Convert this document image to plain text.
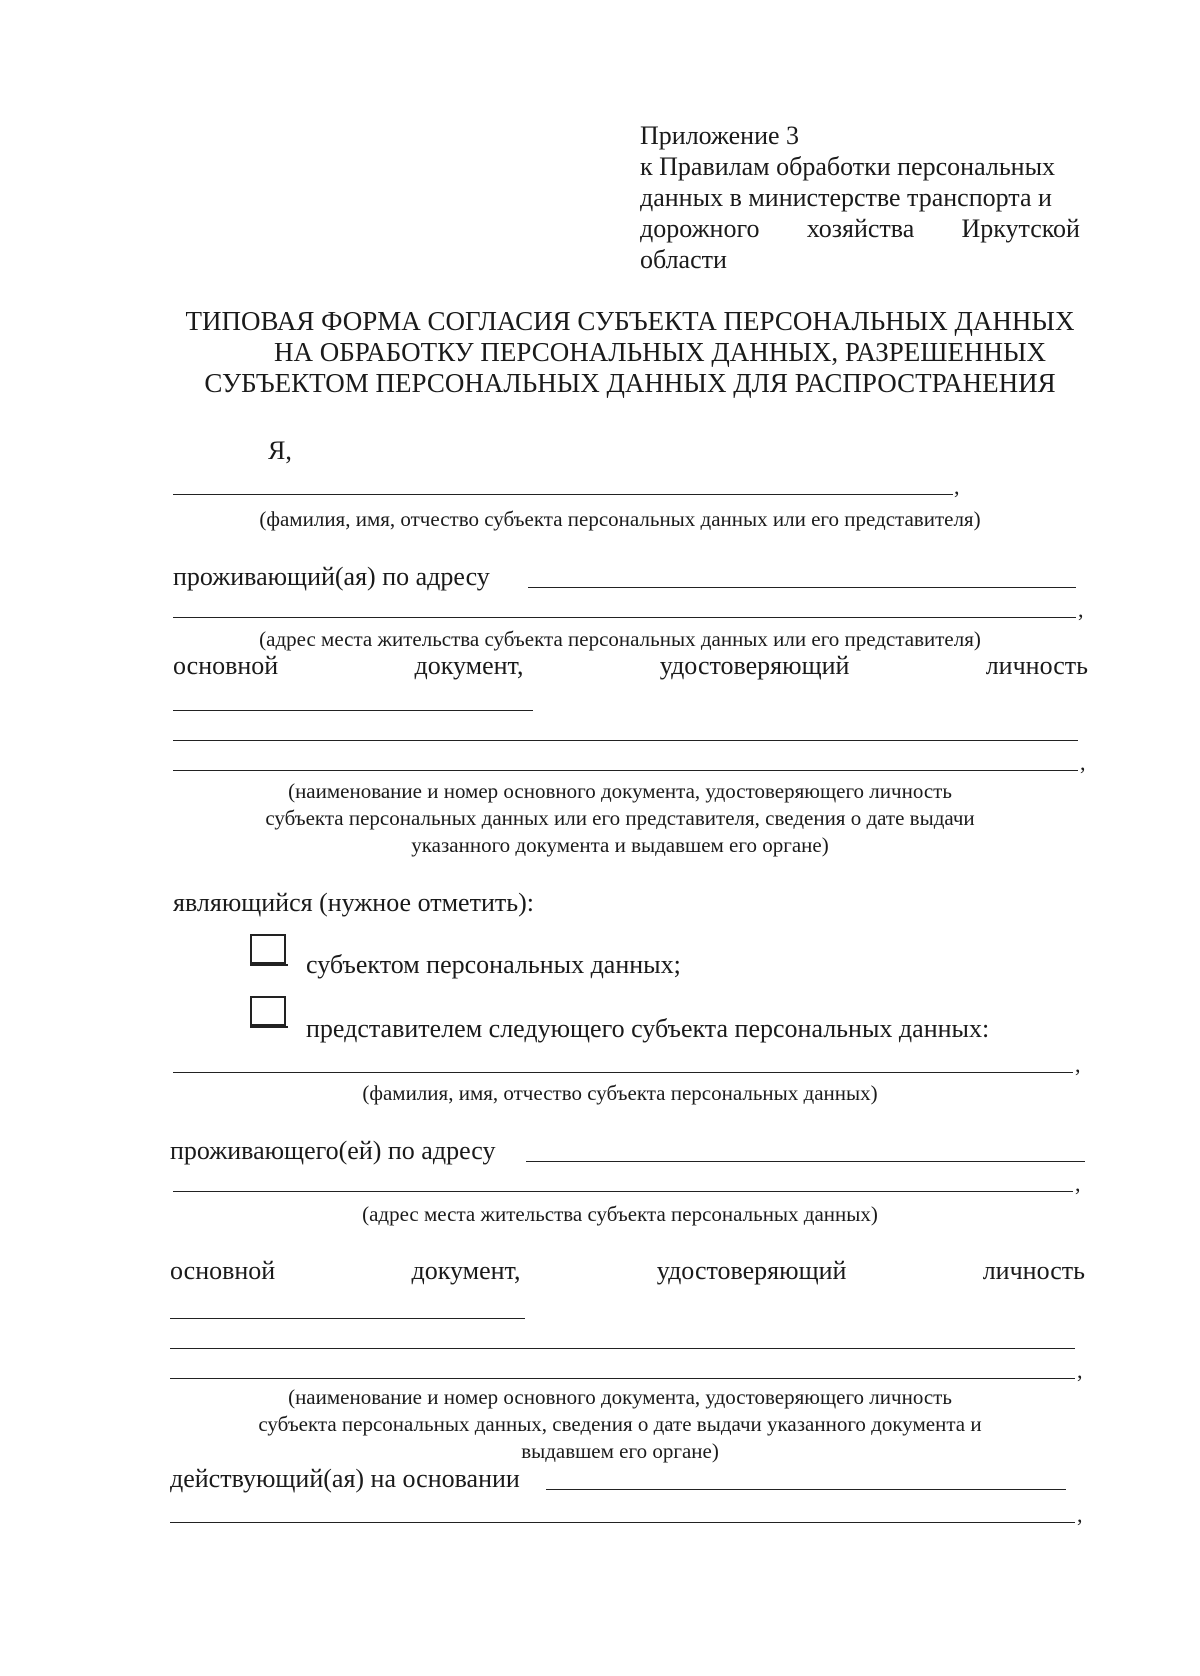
Приложение 3
к Правилам обработки персональных
данных в министерстве транспорта и
дорожного хозяйства Иркутской
области
ТИПОВАЯ ФОРМА СОГЛАСИЯ СУБЪЕКТА ПЕРСОНАЛЬНЫХ ДАННЫХ
НА ОБРАБОТКУ ПЕРСОНАЛЬНЫХ ДАННЫХ, РАЗРЕШЕННЫХ
СУБЪЕКТОМ ПЕРСОНАЛЬНЫХ ДАННЫХ ДЛЯ РАСПРОСТРАНЕНИЯ
Я,
,
(фамилия, имя, отчество субъекта персональных данных или его представителя)
проживающий(ая) по адресу
,
(адрес места жительства субъекта персональных данных или его представителя)
основной	документ,	удостоверяющий	личность
,
(наименование и номер основного документа, удостоверяющего личность
субъекта персональных данных или его представителя, сведения о дате выдачи
указанного документа и выдавшем его органе)
являющийся (нужное отметить):
субъектом персональных данных;
представителем следующего субъекта персональных данных:
,
(фамилия, имя, отчество субъекта персональных данных)
проживающего(ей) по адресу
,
(адрес места жительства субъекта персональных данных)
основной	документ,	удостоверяющий	личность
,
(наименование и номер основного документа, удостоверяющего личность
субъекта персональных данных, сведения о дате выдачи указанного документа и
выдавшем его органе)
действующий(ая) на основании
,
